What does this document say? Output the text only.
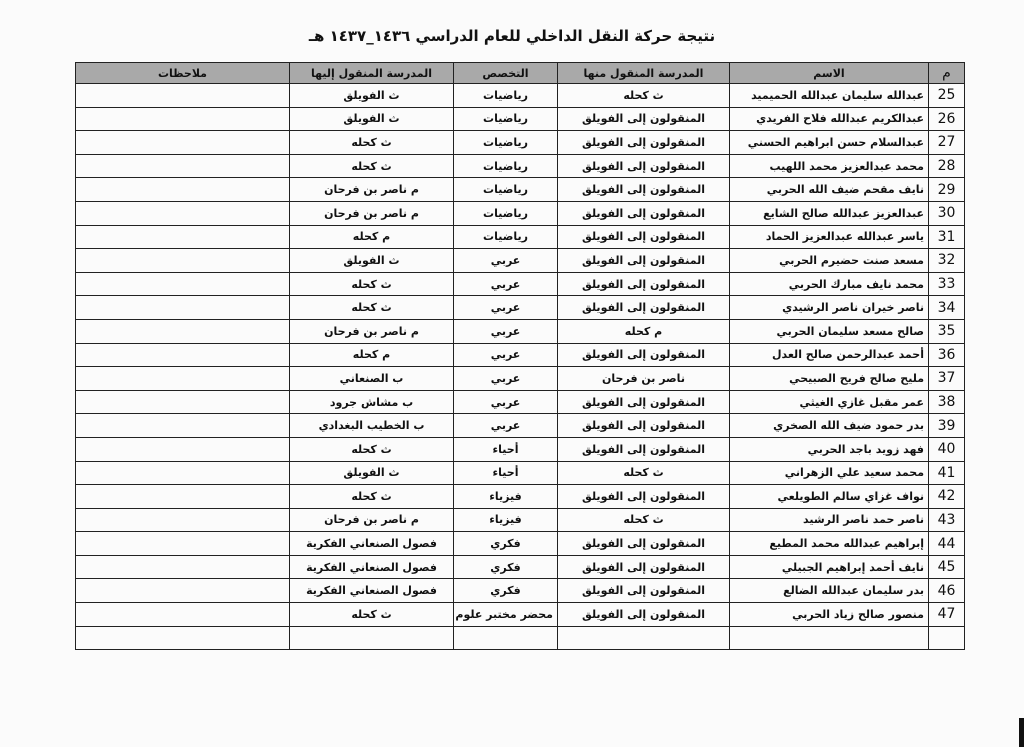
نتيجة حركة النقل الداخلي للعام الدراسي ١٤٣٦_١٤٣٧ هـ
م	الاسم	المدرسة المنقول منها	التخصص	المدرسة المنقول إليها	ملاحظات
25	عبدالله سليمان عبدالله الحميميد	ث كحله	رياضيات	ث الفويلق	
26	عبدالكريم عبدالله فلاح الفريدي	المنقولون إلى الفويلق	رياضيات	ث الفويلق	
27	عبدالسلام حسن ابراهيم الحسني	المنقولون إلى الفويلق	رياضيات	ث كحله	
28	محمد عبدالعزيز محمد اللهيب	المنقولون إلى الفويلق	رياضيات	ث كحله	
29	نايف مقحم ضيف الله الحربي	المنقولون إلى الفويلق	رياضيات	م ناصر بن فرحان	
30	عبدالعزيز عبدالله صالح الشايع	المنقولون إلى الفويلق	رياضيات	م ناصر بن فرحان	
31	ياسر عبدالله عبدالعزيز الحماد	المنقولون إلى الفويلق	رياضيات	م كحله	
32	مسعد صنت حضيرم الحربي	المنقولون إلى الفويلق	عربي	ث الفويلق	
33	محمد نايف مبارك الحربي	المنقولون إلى الفويلق	عربي	ث كحله	
34	ناصر خيران ناصر الرشيدي	المنقولون إلى الفويلق	عربي	ث كحله	
35	صالح مسعد سليمان الحربي	م كحله	عربي	م ناصر بن فرحان	
36	أحمد عبدالرحمن صالح العدل	المنقولون إلى الفويلق	عربي	م كحله	
37	مليح صالح فريح الصبيحي	ناصر بن فرحان	عربي	ب الصنعاني	
38	عمر مقبل غازي الغيثي	المنقولون إلى الفويلق	عربي	ب مشاش جرود	
39	بدر حمود ضيف الله الصخري	المنقولون إلى الفويلق	عربي	ب الخطيب البغدادي	
40	فهد زويد باجد الحربي	المنقولون إلى الفويلق	أحياء	ث كحله	
41	محمد سعيد علي الزهراني	ث كحله	أحياء	ث الفويلق	
42	نواف غزاي سالم الطويلعي	المنقولون إلى الفويلق	فيزياء	ث كحله	
43	ناصر حمد ناصر الرشيد	ث كحله	فيزياء	م ناصر بن فرحان	
44	إبراهيم عبدالله محمد المطيع	المنقولون إلى الفويلق	فكري	فصول الصنعاني الفكرية	
45	نايف أحمد إبراهيم الجبيلي	المنقولون إلى الفويلق	فكري	فصول الصنعاني الفكرية	
46	بدر سليمان عبدالله الضالع	المنقولون إلى الفويلق	فكري	فصول الصنعاني الفكرية	
47	منصور صالح زياد الحربي	المنقولون إلى الفويلق	محضر مختبر علوم	ث كحله	
